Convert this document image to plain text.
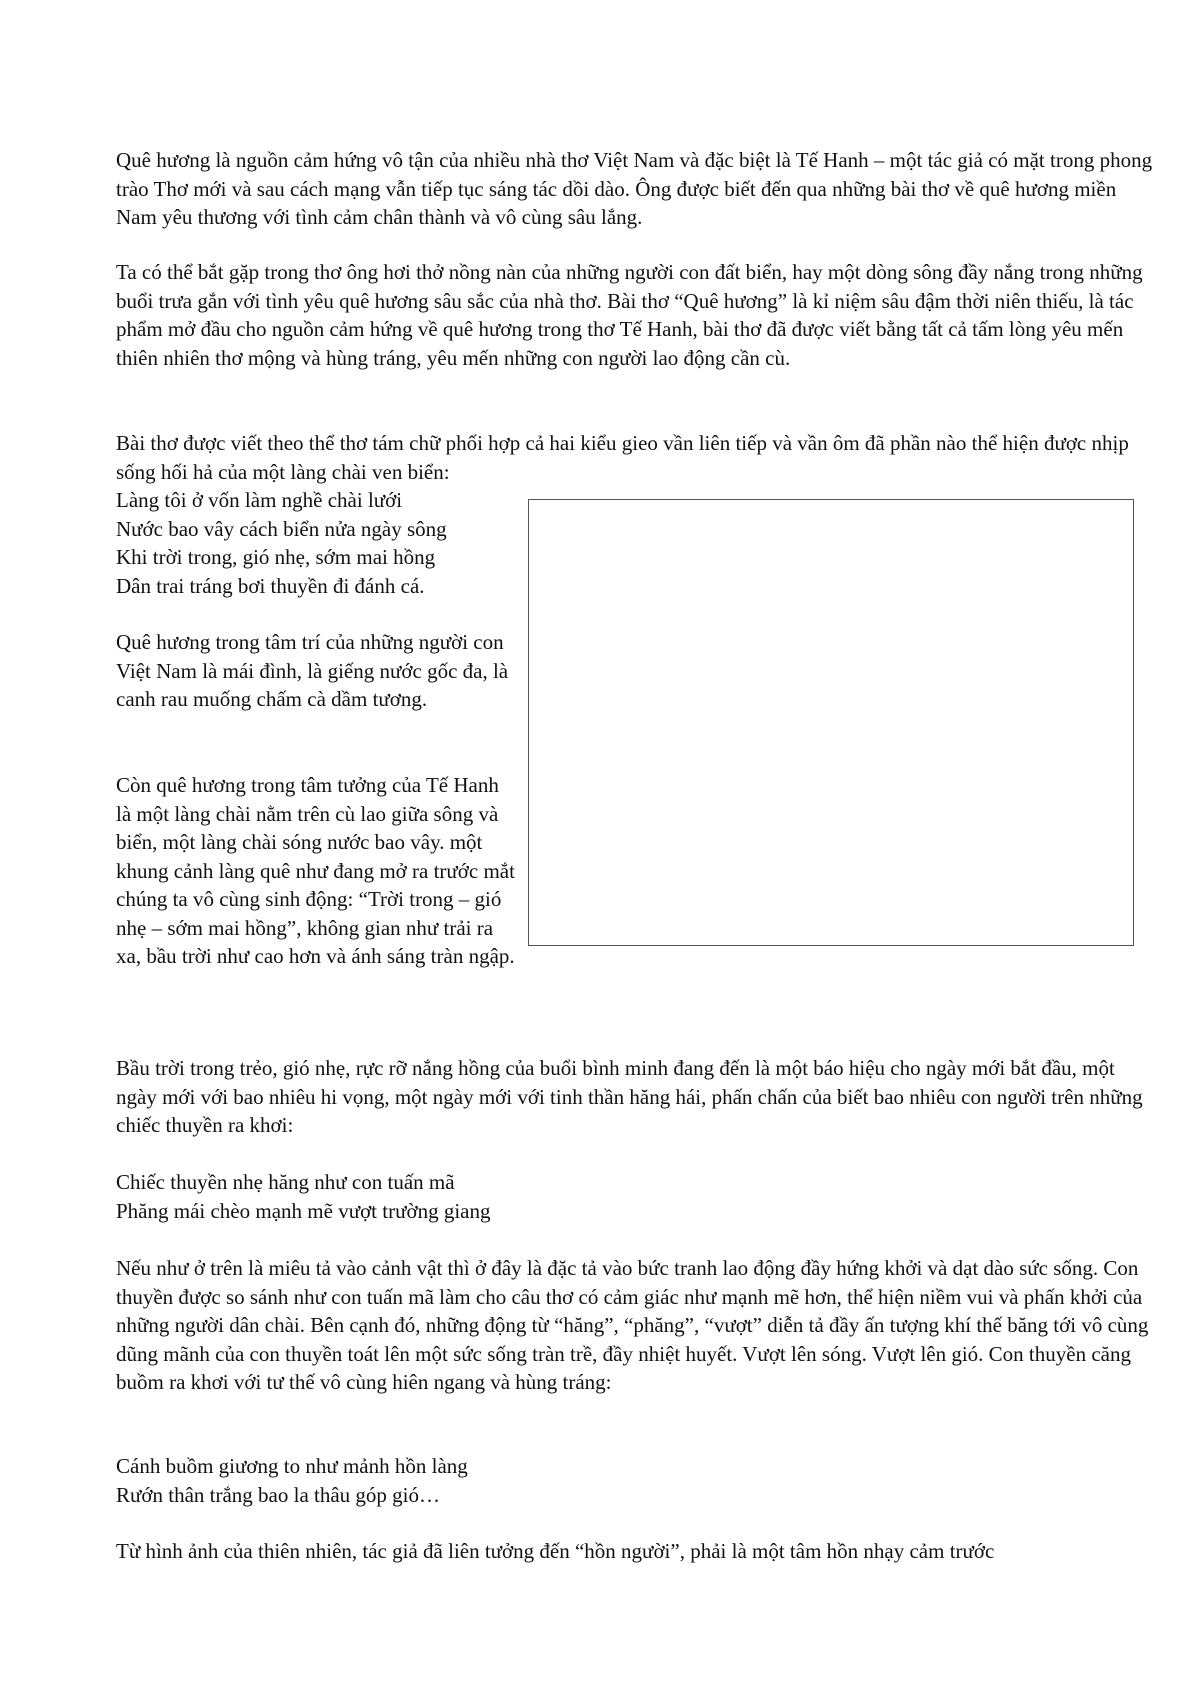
Quê hương là nguồn cảm hứng vô tận của nhiều nhà thơ Việt Nam và đặc biệt là Tế Hanh – một tác giả có mặt trong phong trào Thơ mới và sau cách mạng vẫn tiếp tục sáng tác dồi dào. Ông được biết đến qua những bài thơ về quê hương miền Nam yêu thương với tình cảm chân thành và vô cùng sâu lắng.

Ta có thể bắt gặp trong thơ ông hơi thở nồng nàn của những người con đất biển, hay một dòng sông đầy nắng trong những buổi trưa gắn với tình yêu quê hương sâu sắc của nhà thơ. Bài thơ “Quê hương” là kỉ niệm sâu đậm thời niên thiếu, là tác phẩm mở đầu cho nguồn cảm hứng về quê hương trong thơ Tế Hanh, bài thơ đã được viết bằng tất cả tấm lòng yêu mến thiên nhiên thơ mộng và hùng tráng, yêu mến những con người lao động cần cù.

Bài thơ được viết theo thể thơ tám chữ phối hợp cả hai kiểu gieo vần liên tiếp và vần ôm đã phần nào thể hiện được nhịp sống hối hả của một làng chài ven biển:

Làng tôi ở vốn làm nghề chài lưới
Nước bao vây cách biển nửa ngày sông
Khi trời trong, gió nhẹ, sớm mai hồng
Dân trai tráng bơi thuyền đi đánh cá.

Quê hương trong tâm trí của những người con Việt Nam là mái đình, là giếng nước gốc đa, là canh rau muống chấm cà dầm tương.

Còn quê hương trong tâm tưởng của Tế Hanh là một làng chài nằm trên cù lao giữa sông và biển, một làng chài sóng nước bao vây. một khung cảnh làng quê như đang mở ra trước mắt chúng ta vô cùng sinh động: “Trời trong – gió nhẹ – sớm mai hồng”, không gian như trải ra xa, bầu trời như cao hơn và ánh sáng tràn ngập.

Bầu trời trong trẻo, gió nhẹ, rực rỡ nắng hồng của buổi bình minh đang đến là một báo hiệu cho ngày mới bắt đầu, một ngày mới với bao nhiêu hi vọng, một ngày mới với tinh thần hăng hái, phấn chấn của biết bao nhiêu con người trên những chiếc thuyền ra khơi:

Chiếc thuyền nhẹ hăng như con tuấn mã
Phăng mái chèo mạnh mẽ vượt trường giang

Nếu như ở trên là miêu tả vào cảnh vật thì ở đây là đặc tả vào bức tranh lao động đầy hứng khởi và dạt dào sức sống. Con thuyền được so sánh như con tuấn mã làm cho câu thơ có cảm giác như mạnh mẽ hơn, thể hiện niềm vui và phấn khởi của những người dân chài. Bên cạnh đó, những động từ “hăng”, “phăng”, “vượt” diễn tả đầy ấn tượng khí thế băng tới vô cùng dũng mãnh của con thuyền toát lên một sức sống tràn trề, đầy nhiệt huyết. Vượt lên sóng. Vượt lên gió. Con thuyền căng buồm ra khơi với tư thế vô cùng hiên ngang và hùng tráng:

Cánh buồm giương to như mảnh hồn làng
Rướn thân trắng bao la thâu góp gió…

Từ hình ảnh của thiên nhiên, tác giả đã liên tưởng đến “hồn người”, phải là một tâm hồn nhạy cảm trước
